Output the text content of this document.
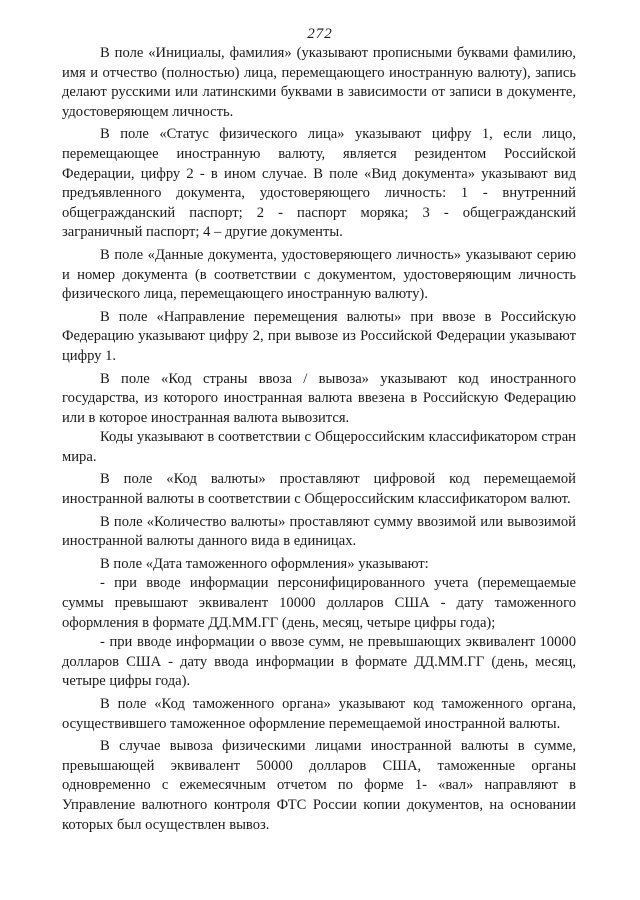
272

В поле «Инициалы, фамилия» (указывают прописными буквами фамилию, имя и отчество (полностью) лица, перемещающего иностранную валюту), запись делают русскими или латинскими буквами в зависимости от записи в документе, удостоверяющем личность.

В поле «Статус физического лица» указывают цифру 1, если лицо, перемещающее иностранную валюту, является резидентом Российской Федерации, цифру 2 - в ином случае. В поле «Вид документа» указывают вид предъявленного документа, удостоверяющего личность: 1 - внутренний общегражданский паспорт; 2 - паспорт моряка; 3 - общегражданский заграничный паспорт; 4 – другие документы.

В поле «Данные документа, удостоверяющего личность» указывают серию и номер документа (в соответствии с документом, удостоверяющим личность физического лица, перемещающего иностранную валюту).

В поле «Направление перемещения валюты» при ввозе в Российскую Федерацию указывают цифру 2, при вывозе из Российской Федерации указывают цифру 1.

В поле «Код страны ввоза / вывоза» указывают код иностранного государства, из которого иностранная валюта ввезена в Российскую Федерацию или в которое иностранная валюта вывозится.

Коды указывают в соответствии с Общероссийским классификатором стран мира.

В поле «Код валюты» проставляют цифровой код перемещаемой иностранной валюты в соответствии с Общероссийским классификатором валют.

В поле «Количество валюты» проставляют сумму ввозимой или вывозимой иностранной валюты данного вида в единицах.

В поле «Дата таможенного оформления» указывают:

- при вводе информации персонифицированного учета (перемещаемые суммы превышают эквивалент 10000 долларов США - дату таможенного оформления в формате ДД.ММ.ГГ (день, месяц, четыре цифры года);

- при вводе информации о ввозе сумм, не превышающих эквивалент 10000 долларов США - дату ввода информации в формате ДД.ММ.ГГ (день, месяц, четыре цифры года).

В поле «Код таможенного органа» указывают код таможенного органа, осуществившего таможенное оформление перемещаемой иностранной валюты.

В случае вывоза физическими лицами иностранной валюты в сумме, превышающей эквивалент 50000 долларов США, таможенные органы одновременно с ежемесячным отчетом по форме 1- «вал» направляют в Управление валютного контроля ФТС России копии документов, на основании которых был осуществлен вывоз.
